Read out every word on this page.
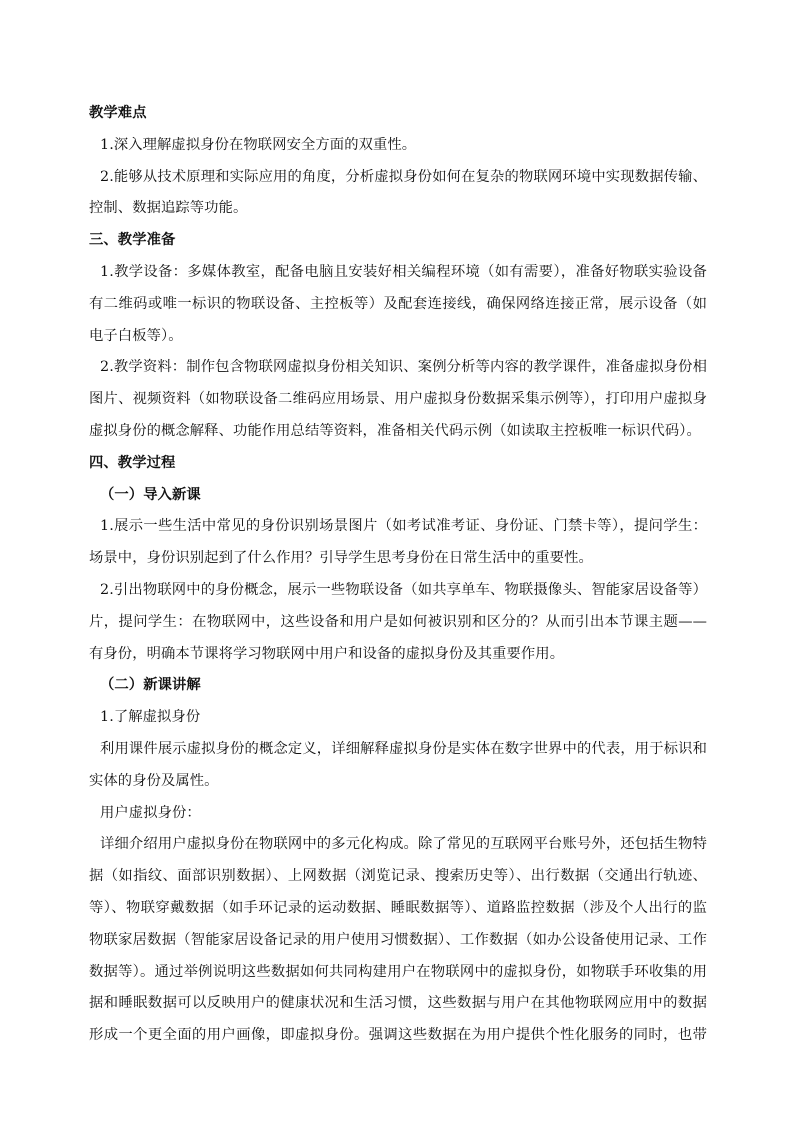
教学难点
1.深入理解虚拟身份在物联网安全方面的双重性。
2.能够从技术原理和实际应用的角度，分析虚拟身份如何在复杂的物联网环境中实现数据传输、
控制、数据追踪等功能。
三、教学准备
1.教学设备：多媒体教室，配备电脑且安装好相关编程环境（如有需要），准备好物联实验设备
有二维码或唯一标识的物联设备、主控板等）及配套连接线，确保网络连接正常，展示设备（如
电子白板等）。
2.教学资料：制作包含物联网虚拟身份相关知识、案例分析等内容的教学课件，准备虚拟身份相
图片、视频资料（如物联设备二维码应用场景、用户虚拟身份数据采集示例等），打印用户虚拟身
虚拟身份的概念解释、功能作用总结等资料，准备相关代码示例（如读取主控板唯一标识代码）。
四、教学过程
（一）导入新课
1.展示一些生活中常见的身份识别场景图片（如考试准考证、身份证、门禁卡等），提问学生：
场景中，身份识别起到了什么作用？引导学生思考身份在日常生活中的重要性。
2.引出物联网中的身份概念，展示一些物联设备（如共享单车、物联摄像头、智能家居设备等）
片，提问学生：在物联网中，这些设备和用户是如何被识别和区分的？从而引出本节课主题——
有身份，明确本节课将学习物联网中用户和设备的虚拟身份及其重要作用。
（二）新课讲解
1.了解虚拟身份
利用课件展示虚拟身份的概念定义，详细解释虚拟身份是实体在数字世界中的代表，用于标识和
实体的身份及属性。
用户虚拟身份：
详细介绍用户虚拟身份在物联网中的多元化构成。除了常见的互联网平台账号外，还包括生物特
据（如指纹、面部识别数据）、上网数据（浏览记录、搜索历史等）、出行数据（交通出行轨迹、
等）、物联穿戴数据（如手环记录的运动数据、睡眠数据等）、道路监控数据（涉及个人出行的监
物联家居数据（智能家居设备记录的用户使用习惯数据）、工作数据（如办公设备使用记录、工作
数据等）。通过举例说明这些数据如何共同构建用户在物联网中的虚拟身份，如物联手环收集的用
据和睡眠数据可以反映用户的健康状况和生活习惯，这些数据与用户在其他物联网应用中的数据
形成一个更全面的用户画像，即虚拟身份。强调这些数据在为用户提供个性化服务的同时，也带
